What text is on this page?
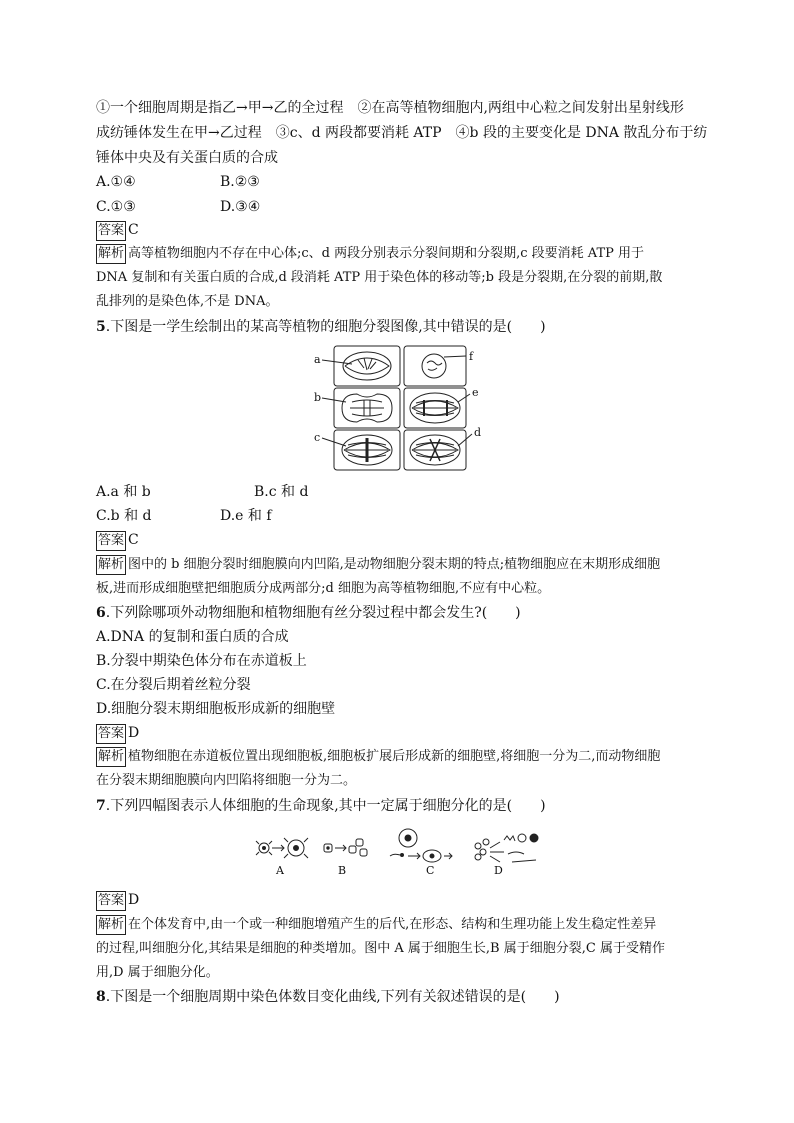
①一个细胞周期是指乙→甲→乙的全过程　②在高等植物细胞内,两组中心粒之间发射出星射线形
成纺锤体发生在甲→乙过程　③c、d 两段都要消耗 ATP　④b 段的主要变化是 DNA 散乱分布于纺
锤体中央及有关蛋白质的合成
A.①④	B.②③
C.①③	D.③④
答案 C
解析 高等植物细胞内不存在中心体;c、d 两段分别表示分裂间期和分裂期,c 段要消耗 ATP 用于
DNA 复制和有关蛋白质的合成,d 段消耗 ATP 用于染色体的移动等;b 段是分裂期,在分裂的前期,散
乱排列的是染色体,不是 DNA。
5.下图是一学生绘制出的某高等植物的细胞分裂图像,其中错误的是(　　)
a
b
c
f
e
d
A.a 和 b	B.c 和 d
C.b 和 d	D.e 和 f
答案 C
解析 图中的 b 细胞分裂时细胞膜向内凹陷,是动物细胞分裂末期的特点;植物细胞应在末期形成细胞
板,进而形成细胞壁把细胞质分成两部分;d 细胞为高等植物细胞,不应有中心粒。
6.下列除哪项外动物细胞和植物细胞有丝分裂过程中都会发生?(　　)
A.DNA 的复制和蛋白质的合成
B.分裂中期染色体分布在赤道板上
C.在分裂后期着丝粒分裂
D.细胞分裂末期细胞板形成新的细胞壁
答案 D
解析 植物细胞在赤道板位置出现细胞板,细胞板扩展后形成新的细胞壁,将细胞一分为二,而动物细胞
在分裂末期细胞膜向内凹陷将细胞一分为二。
7.下列四幅图表示人体细胞的生命现象,其中一定属于细胞分化的是(　　)
A	B	C	D
答案 D
解析 在个体发育中,由一个或一种细胞增殖产生的后代,在形态、结构和生理功能上发生稳定性差异
的过程,叫细胞分化,其结果是细胞的种类增加。图中 A 属于细胞生长,B 属于细胞分裂,C 属于受精作
用,D 属于细胞分化。
8.下图是一个细胞周期中染色体数目变化曲线,下列有关叙述错误的是(　　)
